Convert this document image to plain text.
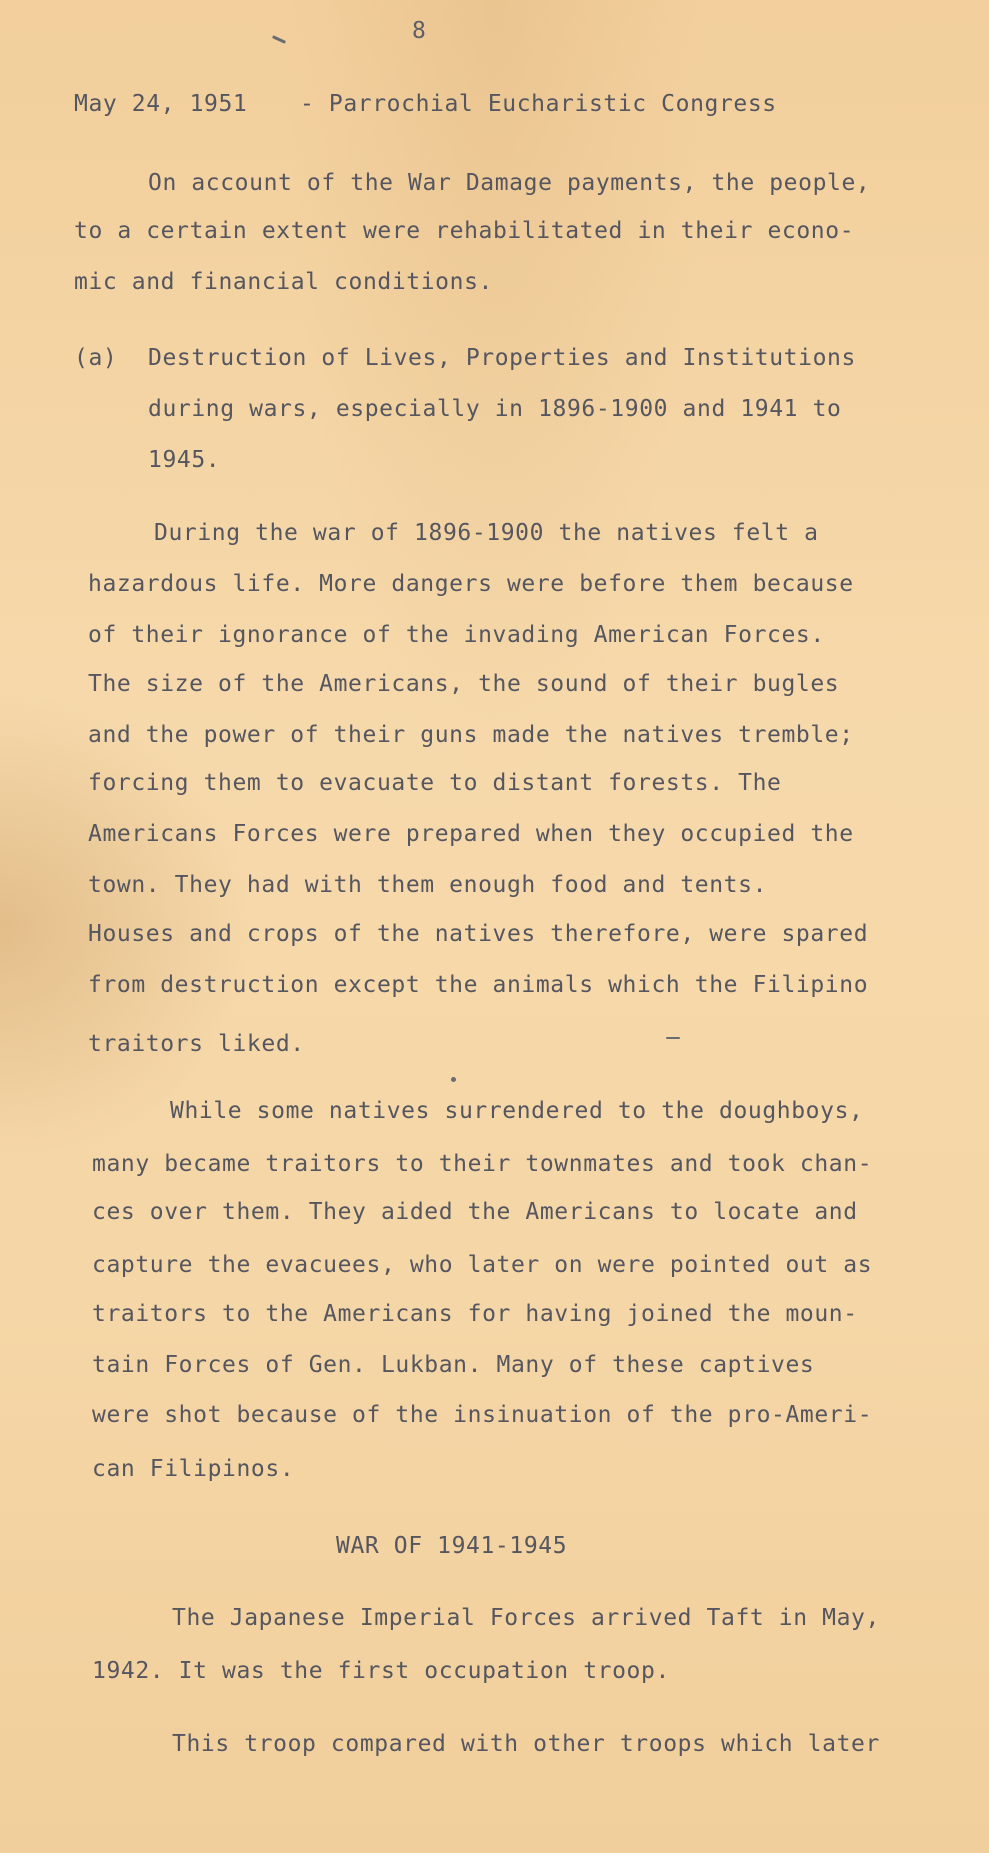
8
May 24, 1951 - Parrochial Eucharistic Congress
On account of the War Damage payments, the people,
to a certain extent were rehabilitated in their econo-
mic and financial conditions.
(a) Destruction of Lives, Properties and Institutions
during wars, especially in 1896-1900 and 1941 to
1945.
During the war of 1896-1900 the natives felt a
hazardous life. More dangers were before them because
of their ignorance of the invading American Forces.
The size of the Americans, the sound of their bugles
and the power of their guns made the natives tremble;
forcing them to evacuate to distant forests. The
Americans Forces were prepared when they occupied the
town. They had with them enough food and tents.
Houses and crops of the natives therefore, were spared
from destruction except the animals which the Filipino
traitors liked.
While some natives surrendered to the doughboys,
many became traitors to their townmates and took chan-
ces over them. They aided the Americans to locate and
capture the evacuees, who later on were pointed out as
traitors to the Americans for having joined the moun-
tain Forces of Gen. Lukban. Many of these captives
were shot because of the insinuation of the pro-Ameri-
can Filipinos.
WAR OF 1941-1945
The Japanese Imperial Forces arrived Taft in May,
1942. It was the first occupation troop.
This troop compared with other troops which later
